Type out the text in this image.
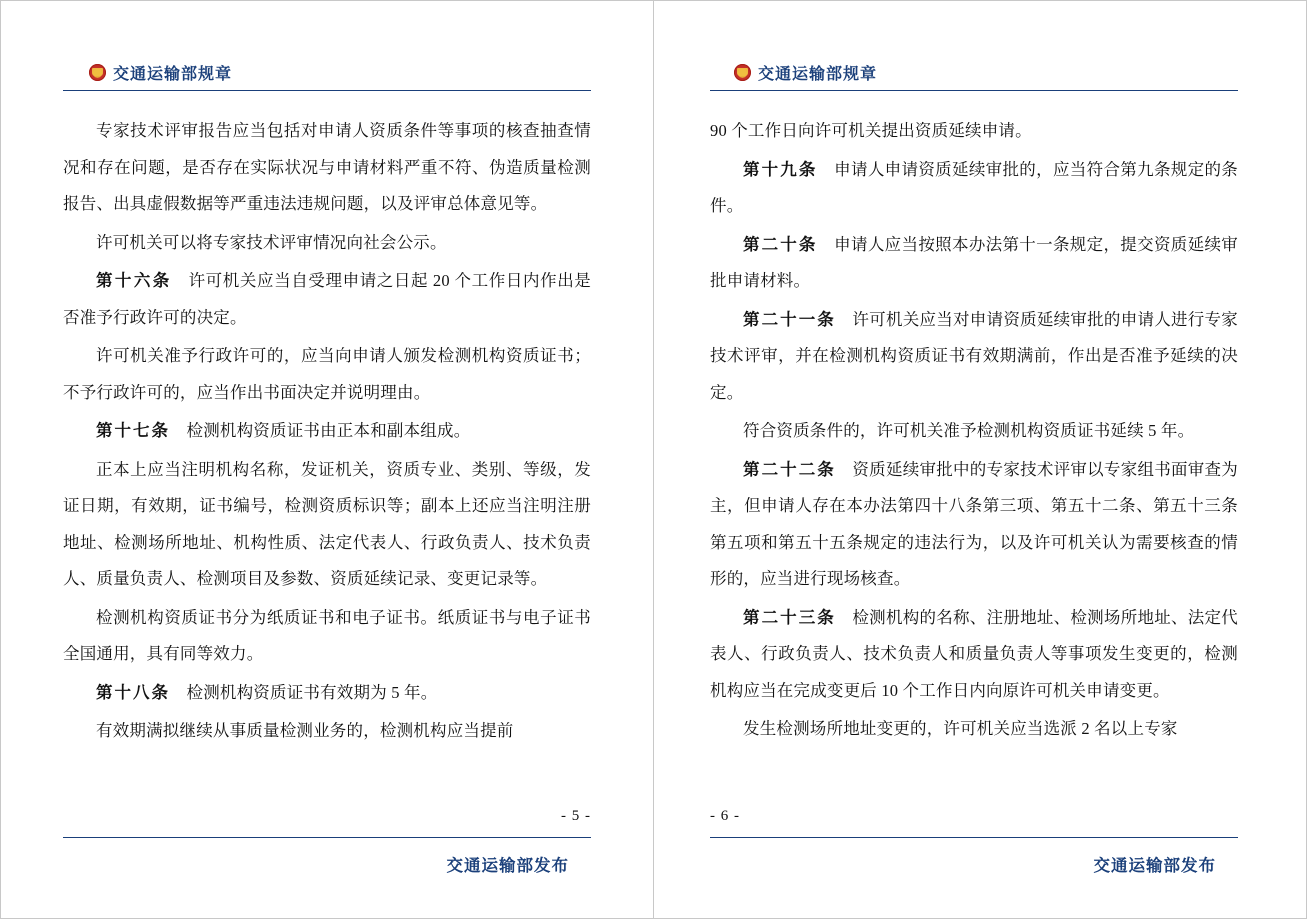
交通运输部规章

专家技术评审报告应当包括对申请人资质条件等事项的核查抽查情况和存在问题，是否存在实际状况与申请材料严重不符、伪造质量检测报告、出具虚假数据等严重违法违规问题，以及评审总体意见等。

许可机关可以将专家技术评审情况向社会公示。

第十六条 许可机关应当自受理申请之日起 20 个工作日内作出是否准予行政许可的决定。

许可机关准予行政许可的，应当向申请人颁发检测机构资质证书；不予行政许可的，应当作出书面决定并说明理由。

第十七条 检测机构资质证书由正本和副本组成。

正本上应当注明机构名称，发证机关，资质专业、类别、等级，发证日期，有效期，证书编号，检测资质标识等；副本上还应当注明注册地址、检测场所地址、机构性质、法定代表人、行政负责人、技术负责人、质量负责人、检测项目及参数、资质延续记录、变更记录等。

检测机构资质证书分为纸质证书和电子证书。纸质证书与电子证书全国通用，具有同等效力。

第十八条 检测机构资质证书有效期为 5 年。

有效期满拟继续从事质量检测业务的，检测机构应当提前

- 5 -
交通运输部发布
交通运输部规章

90 个工作日向许可机关提出资质延续申请。

第十九条 申请人申请资质延续审批的，应当符合第九条规定的条件。

第二十条 申请人应当按照本办法第十一条规定，提交资质延续审批申请材料。

第二十一条 许可机关应当对申请资质延续审批的申请人进行专家技术评审，并在检测机构资质证书有效期满前，作出是否准予延续的决定。

符合资质条件的，许可机关准予检测机构资质证书延续 5 年。

第二十二条 资质延续审批中的专家技术评审以专家组书面审查为主，但申请人存在本办法第四十八条第三项、第五十二条、第五十三条第五项和第五十五条规定的违法行为，以及许可机关认为需要核查的情形的，应当进行现场核查。

第二十三条 检测机构的名称、注册地址、检测场所地址、法定代表人、行政负责人、技术负责人和质量负责人等事项发生变更的，检测机构应当在完成变更后 10 个工作日内向原许可机关申请变更。

发生检测场所地址变更的，许可机关应当选派 2 名以上专家

- 6 -
交通运输部发布
